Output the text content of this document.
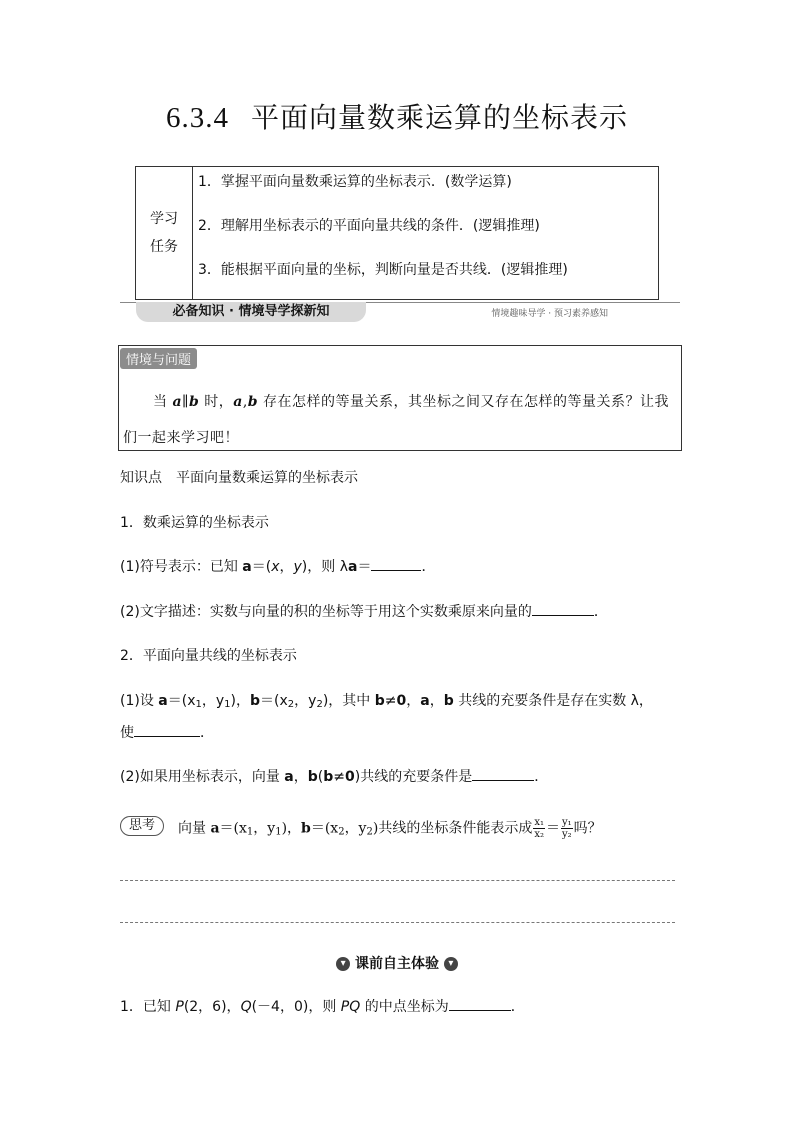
6.3.4 平面向量数乘运算的坐标表示
学习
任务
1．掌握平面向量数乘运算的坐标表示．(数学运算)
2．理解用坐标表示的平面向量共线的条件．(逻辑推理)
3．能根据平面向量的坐标，判断向量是否共线．(逻辑推理)
必备知识 · 情境导学探新知	情境趣味导学 · 预习素养感知
情境与问题
当 a∥b 时，a,b 存在怎样的等量关系，其坐标之间又存在怎样的等量关系？让我们一起来学习吧！
知识点　平面向量数乘运算的坐标表示
1．数乘运算的坐标表示
(1)符号表示：已知 a＝(x，y)，则 λa＝	．
(2)文字描述：实数与向量的积的坐标等于用这个实数乘原来向量的	．
2．平面向量共线的坐标表示
(1)设 $a=(x_1$，$y_1$)，$b=(x_2$，$y_2$)，其中 b≠0，a，b 共线的充要条件是存在实数 λ，
使	．
(2)如果用坐标表示，向量 a，b(b≠0)共线的充要条件是	．
思考	向量 $a=(x_1$，$y_1$)，$b=(x_2$，$y_2$)共线的坐标条件能表示成 $\frac{\text{x₁}}{\text{x₂}} = \frac{\text{y₁}}{\text{y₂}}$ 吗？
▾ 课前自主体验 ▾
1．已知 P(2，6)，Q(－4，0)，则 PQ 的中点坐标为	．
